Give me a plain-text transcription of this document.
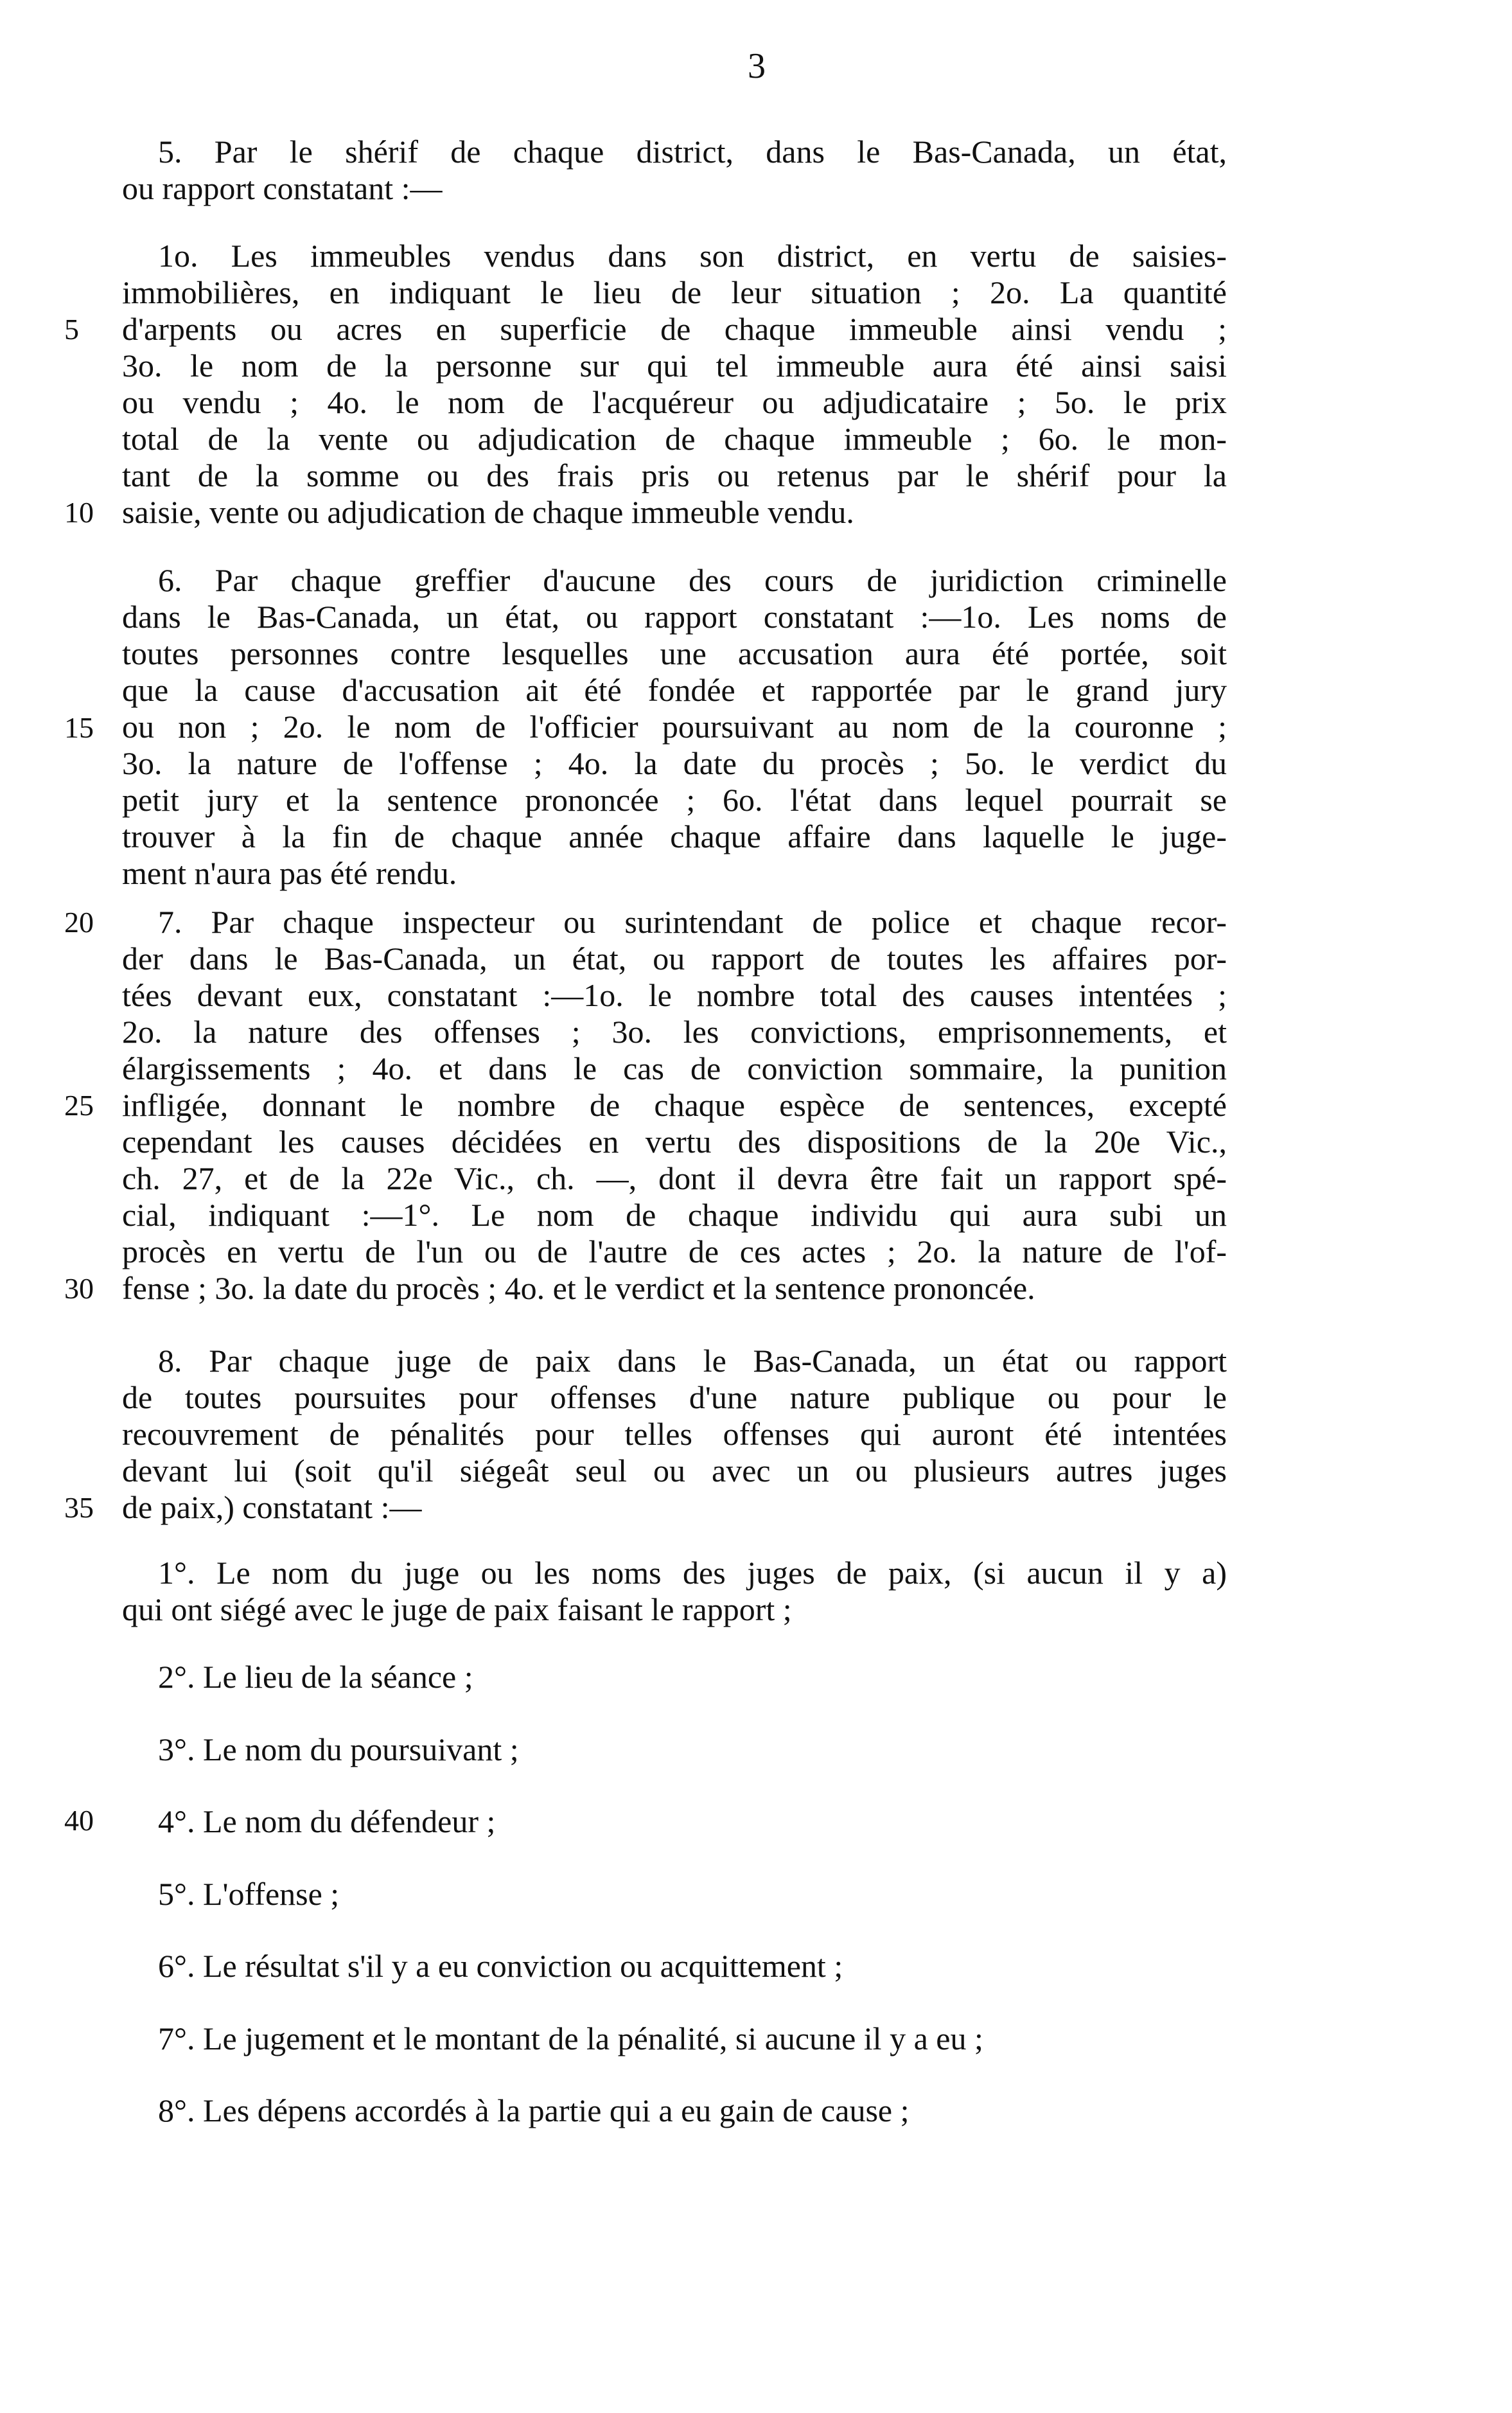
3
5. Par le shérif de chaque district, dans le Bas-Canada, un état,
ou rapport constatant :—
1o. Les immeubles vendus dans son district, en vertu de saisies-
immobilières, en indiquant le lieu de leur situation ; 2o. La quantité
d'arpents ou acres en superficie de chaque immeuble ainsi vendu ;
3o. le nom de la personne sur qui tel immeuble aura été ainsi saisi
ou vendu ; 4o. le nom de l'acquéreur ou adjudicataire ; 5o. le prix
total de la vente ou adjudication de chaque immeuble ; 6o. le mon-
tant de la somme ou des frais pris ou retenus par le shérif pour la
saisie, vente ou adjudication de chaque immeuble vendu.
6. Par chaque greffier d'aucune des cours de juridiction criminelle
dans le Bas-Canada, un état, ou rapport constatant :—1o. Les noms de
toutes personnes contre lesquelles une accusation aura été portée, soit
que la cause d'accusation ait été fondée et rapportée par le grand jury
ou non ; 2o. le nom de l'officier poursuivant au nom de la couronne ;
3o. la nature de l'offense ; 4o. la date du procès ; 5o. le verdict du
petit jury et la sentence prononcée ; 6o. l'état dans lequel pourrait se
trouver à la fin de chaque année chaque affaire dans laquelle le juge-
ment n'aura pas été rendu.
7. Par chaque inspecteur ou surintendant de police et chaque recor-
der dans le Bas-Canada, un état, ou rapport de toutes les affaires por-
tées devant eux, constatant :—1o. le nombre total des causes intentées ;
2o. la nature des offenses ; 3o. les convictions, emprisonnements, et
élargissements ; 4o. et dans le cas de conviction sommaire, la punition
infligée, donnant le nombre de chaque espèce de sentences, excepté
cependant les causes décidées en vertu des dispositions de la 20e Vic.,
ch. 27, et de la 22e Vic., ch. —, dont il devra être fait un rapport spé-
cial, indiquant :—1°. Le nom de chaque individu qui aura subi un
procès en vertu de l'un ou de l'autre de ces actes ; 2o. la nature de l'of-
fense ; 3o. la date du procès ; 4o. et le verdict et la sentence prononcée.
8. Par chaque juge de paix dans le Bas-Canada, un état ou rapport
de toutes poursuites pour offenses d'une nature publique ou pour le
recouvrement de pénalités pour telles offenses qui auront été intentées
devant lui (soit qu'il siégeât seul ou avec un ou plusieurs autres juges
de paix,) constatant :—
1°. Le nom du juge ou les noms des juges de paix, (si aucun il y a)
qui ont siégé avec le juge de paix faisant le rapport ;
2°. Le lieu de la séance ;
3°. Le nom du poursuivant ;
4°. Le nom du défendeur ;
5°. L'offense ;
6°. Le résultat s'il y a eu conviction ou acquittement ;
7°. Le jugement et le montant de la pénalité, si aucune il y a eu ;
8°. Les dépens accordés à la partie qui a eu gain de cause ;
5
10
15
20
25
30
35
40
